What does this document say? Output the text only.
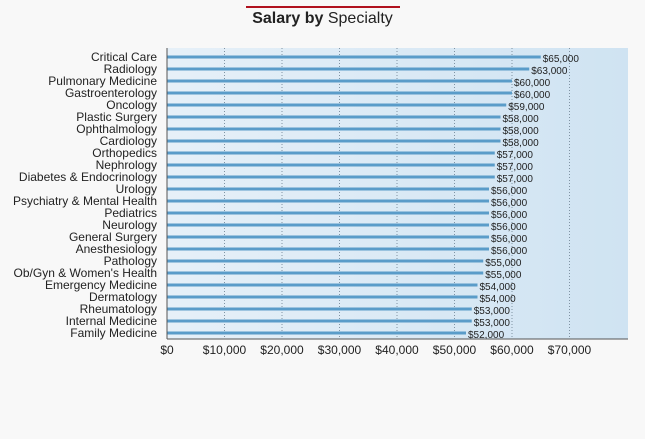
Salary by Specialty
Critical Care	$65,000
Radiology	$63,000
Pulmonary Medicine	$60,000
Gastroenterology	$60,000
Oncology	$59,000
Plastic Surgery	$58,000
Ophthalmology	$58,000
Cardiology	$58,000
Orthopedics	$57,000
Nephrology	$57,000
Diabetes & Endocrinology	$57,000
Urology	$56,000
Psychiatry & Mental Health	$56,000
Pediatrics	$56,000
Neurology	$56,000
General Surgery	$56,000
Anesthesiology	$56,000
Pathology	$55,000
Ob/Gyn & Women's Health	$55,000
Emergency Medicine	$54,000
Dermatology	$54,000
Rheumatology	$53,000
Internal Medicine	$53,000
Family Medicine	$52,000
$0 $10,000 $20,000 $30,000 $40,000 $50,000 $60,000 $70,000
